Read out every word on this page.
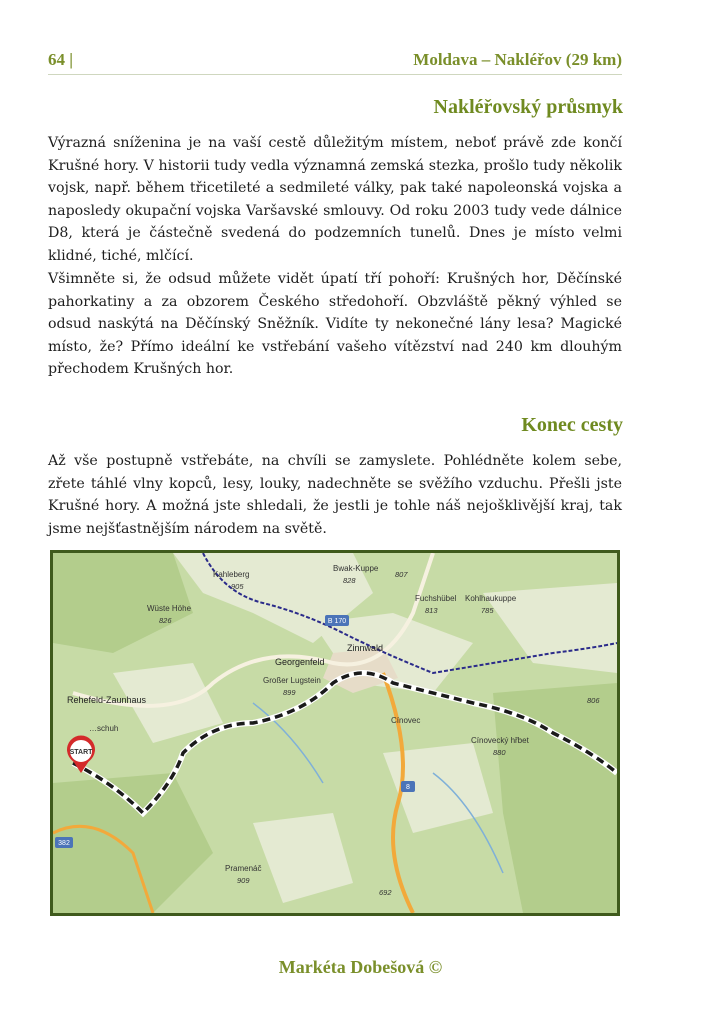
64 |	Moldava – Nakléřov (29 km)
Nakléřovský průsmyk

Výrazná sníženina je na vaší cestě důležitým místem, neboť právě zde končí Krušné hory. V historii tudy vedla významná zemská stezka, prošlo tudy několik vojsk, např. během třicetileté a sedmileté války, pak také napoleonská vojska a naposledy okupační vojska Varšavské smlouvy. Od roku 2003 tudy vede dálnice D8, která je částečně svedená do podzemních tunelů. Dnes je místo velmi klidné, tiché, mlčící.

Všimněte si, že odsud můžete vidět úpatí tří pohoří: Krušných hor, Děčínské pahorkatiny a za obzorem Českého středohoří. Obzvláště pěkný výhled se odsud naskýtá na Děčínský Sněžník. Vidíte ty nekonečné lány lesa? Magické místo, že? Přímo ideální ke vstřebání vašeho vítězství nad 240 km dlouhým přechodem Krušných hor.

Konec cesty

Až vše postupně vstřebáte, na chvíli se zamyslete. Pohlédněte kolem sebe, zřete táhlé vlny kopců, lesy, louky, nadechněte se svěžího vzduchu. Přešli jste Krušné hory. A možná jste shledali, že jestli je tohle náš nejošklivější kraj, tak jsme nejšťastnějším národem na světě.

START
Kahleberg
905
Bwak-Kuppe
828
807
Fuchshübel
813
Kohlhaukuppe
785
Wüste Höhe
826
Zinnwald
Georgenfeld
Großer Lugstein
899
Rehefeld-Zaunhaus
…schuh
Cínovec
Cínovecký hřbet
880
806
Pramenáč
909
692
B 170
8
382
Markéta Dobešová ©
